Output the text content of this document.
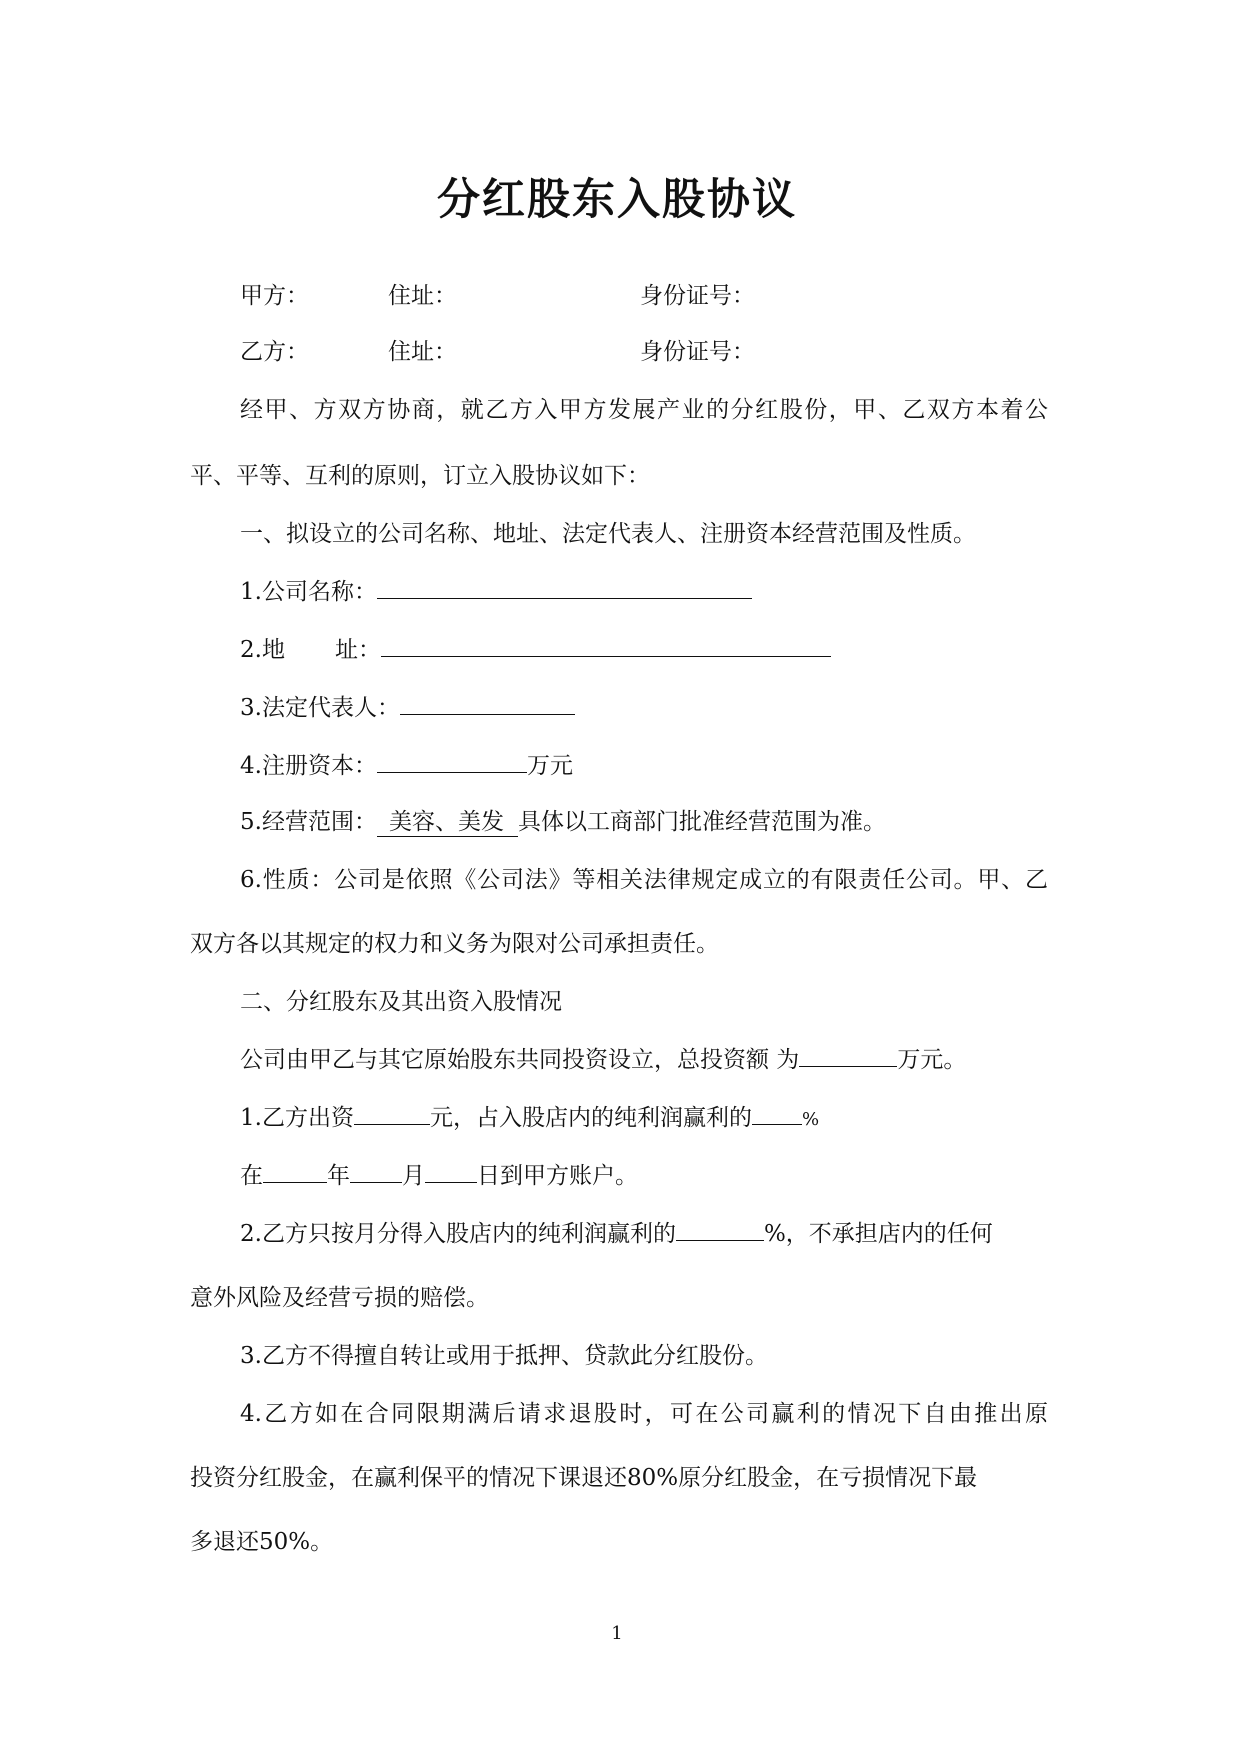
分红股东入股协议
甲方：	住址：	身份证号：
乙方：	住址：	身份证号：
经甲、方双方协商，就乙方入甲方发展产业的分红股份，甲、乙双方本着公
平、平等、互利的原则，订立入股协议如下：
一、拟设立的公司名称、地址、法定代表人、注册资本经营范围及性质。
1.公司名称：
2.地 址：
3.法定代表人：
4.注册资本：	万元
5.经营范围： 美容、美发 具体以工商部门批准经营范围为准。
6.性质：公司是依照《公司法》等相关法律规定成立的有限责任公司。甲、乙
双方各以其规定的权力和义务为限对公司承担责任。
二、分红股东及其出资入股情况
公司由甲乙与其它原始股东共同投资设立，总投资额 为	万元。
1.乙方出资	元，占入股店内的纯利润赢利的	%
在	年 月 日到甲方账户。
2.乙方只按月分得入股店内的纯利润赢利的	%，不承担店内的任何
意外风险及经营亏损的赔偿。
3.乙方不得擅自转让或用于抵押、贷款此分红股份。
4.乙方如在合同限期满后请求退股时，可在公司赢利的情况下自由推出原
投资分红股金，在赢利保平的情况下课退还80%原分红股金，在亏损情况下最
多退还50%。
1
